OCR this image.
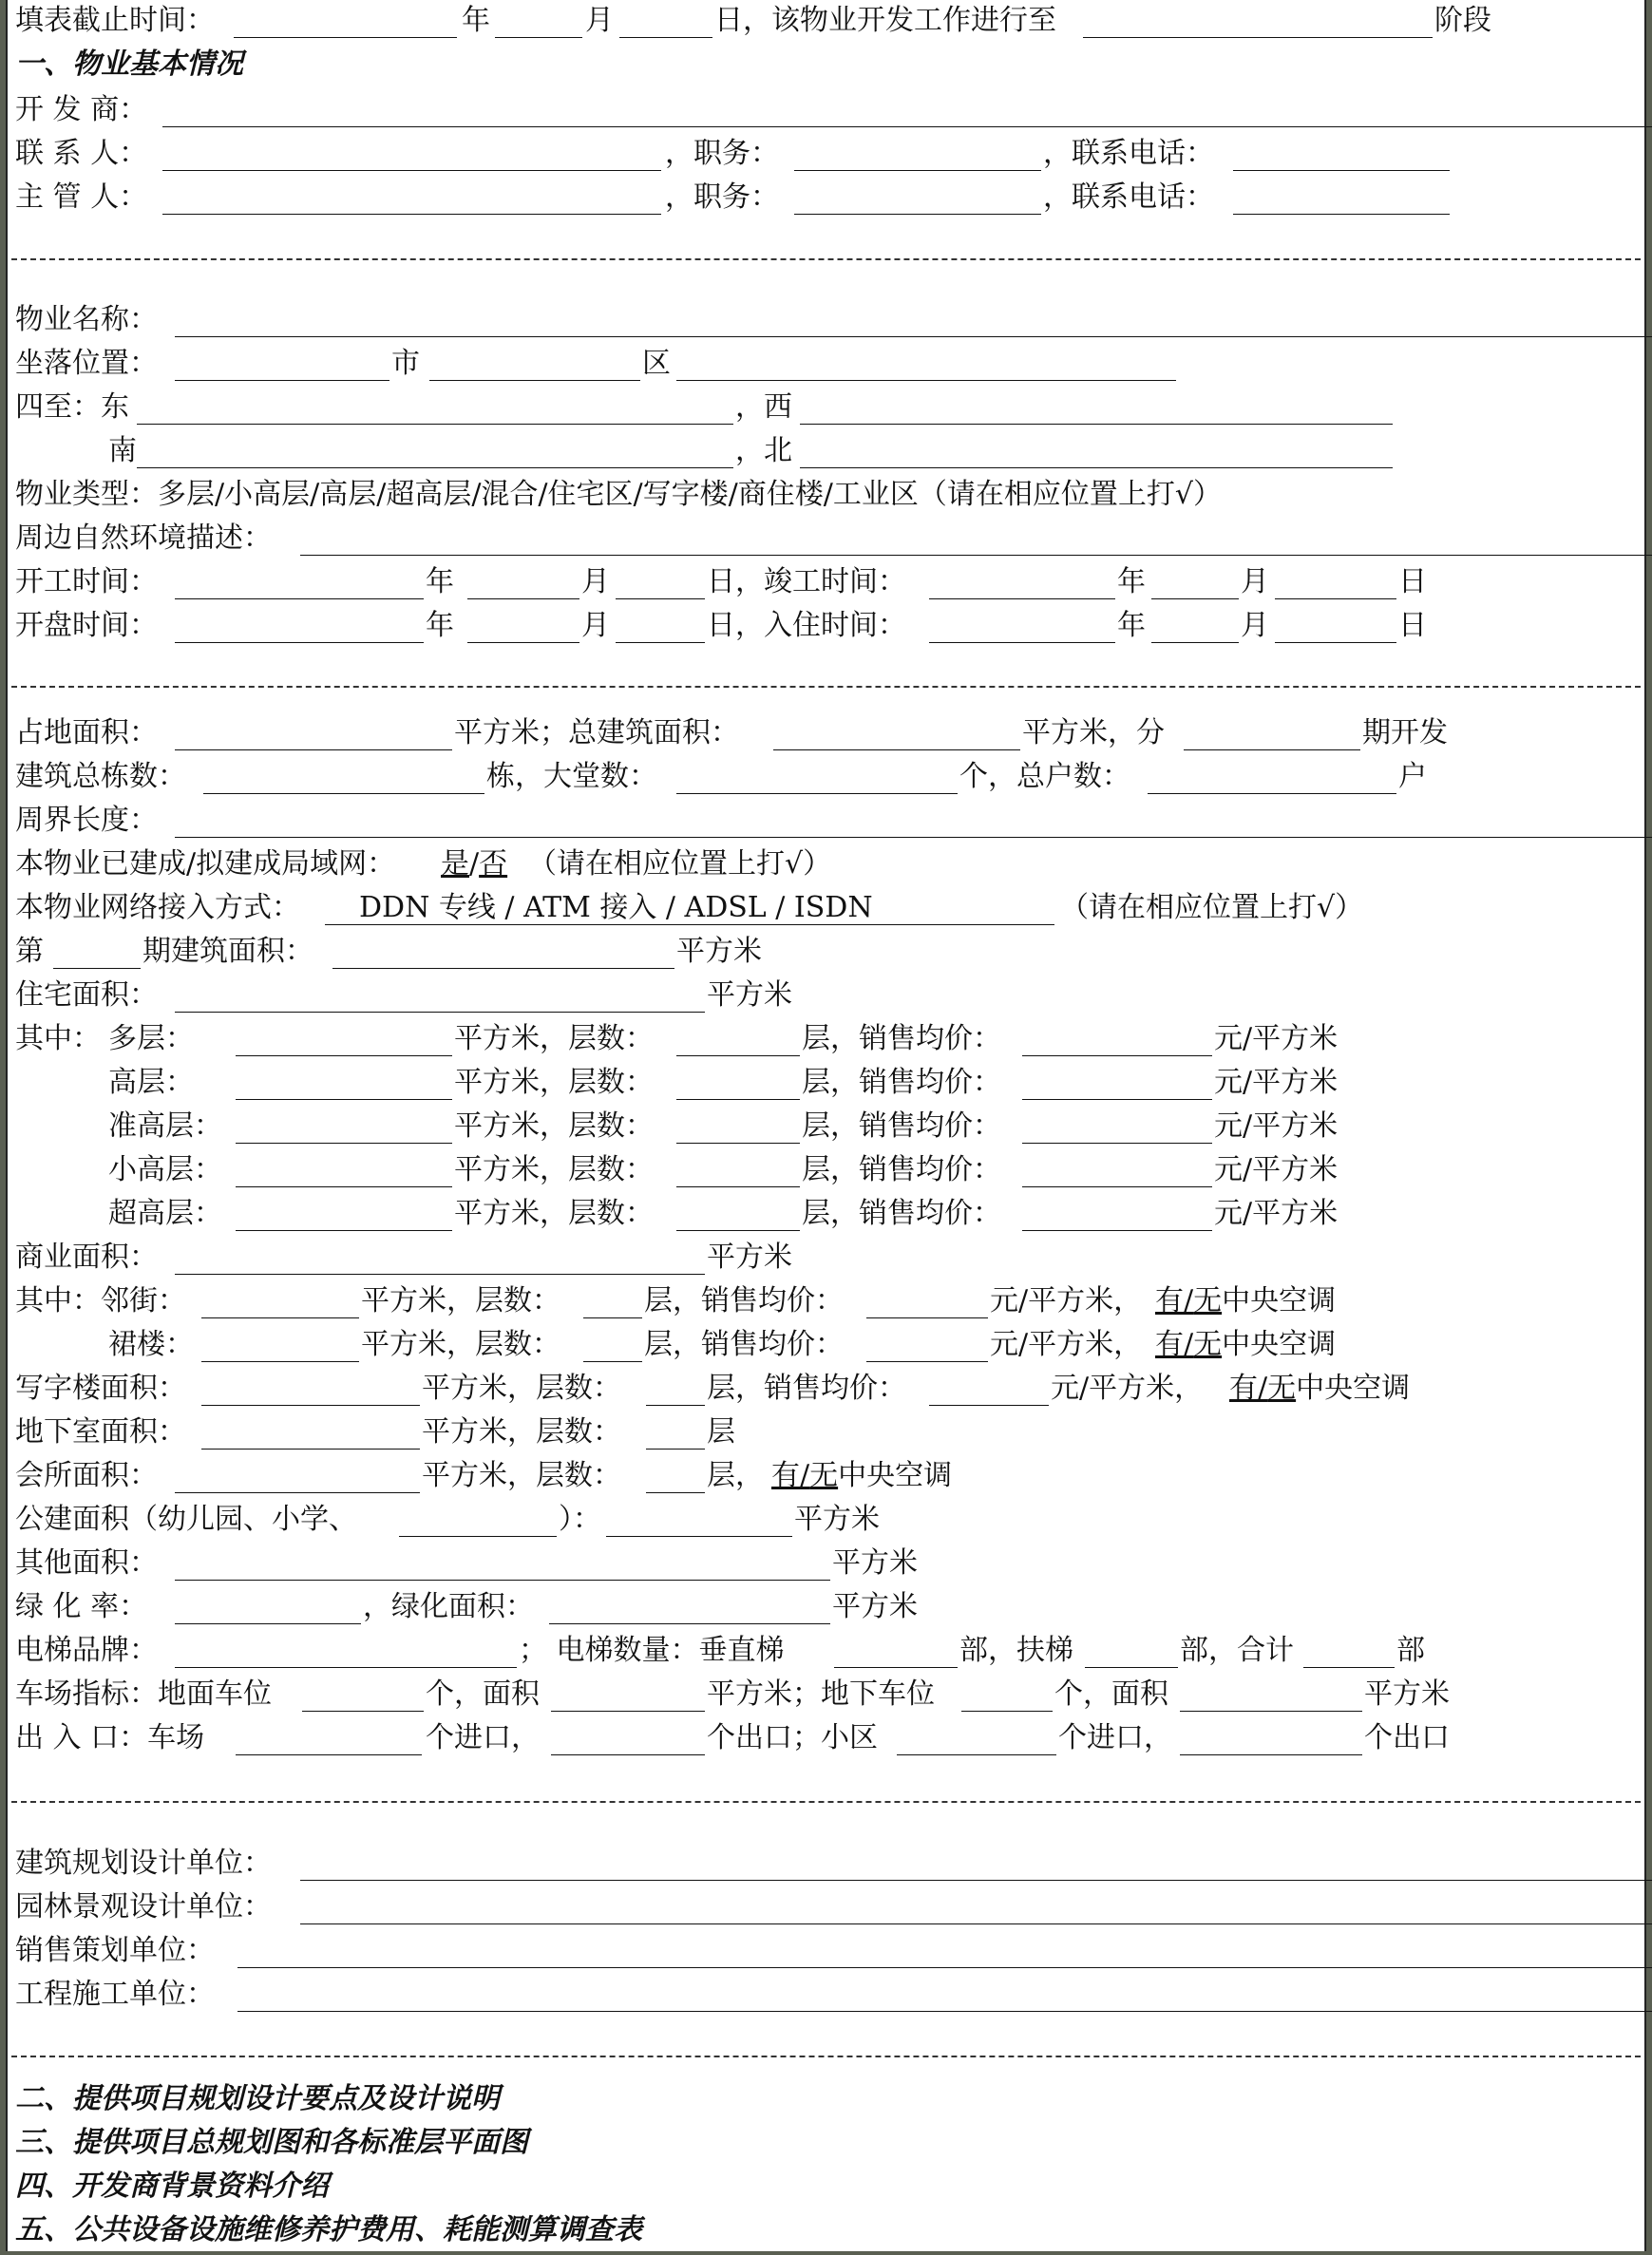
填表截止时间：	年	月	日，该物业开发工作进行至	阶段
一、物业基本情况
开 发 商：
联 系 人：	，职务：	，联系电话：
主 管 人：	，职务：	，联系电话：
物业名称：
坐落位置：	市	区
四至：东	，西
南	，北
物业类型：多层/小高层/高层/超高层/混合/住宅区/写字楼/商住楼/工业区（请在相应位置上打√）
周边自然环境描述：
开工时间：	年	月	日，竣工时间：	年	月	日
开盘时间：	年	月	日，入住时间：	年	月	日
占地面积：	平方米；总建筑面积：	平方米，分	期开发
建筑总栋数：	栋，大堂数：	个，总户数：	户
周界长度：
本物业已建成/拟建成局域网： 是/否 （请在相应位置上打√）
本物业网络接入方式： DDN 专线 / ATM 接入 / ADSL / ISDN	（请在相应位置上打√）
第	期建筑面积：	平方米
住宅面积：	平方米
其中： 多层：	平方米，层数：	层，销售均价：	元/平方米
高层：	平方米，层数：	层，销售均价：	元/平方米
准高层：	平方米，层数：	层，销售均价：	元/平方米
小高层：	平方米，层数：	层，销售均价：	元/平方米
超高层：	平方米，层数：	层，销售均价：	元/平方米
商业面积：	平方米
其中：邻街：	平方米，层数：	层，销售均价：	元/平方米， 有/无中央空调
裙楼：	平方米，层数：	层，销售均价：	元/平方米， 有/无中央空调
写字楼面积：	平方米，层数：	层，销售均价：	元/平方米， 有/无中央空调
地下室面积：	平方米，层数：	层
会所面积：	平方米，层数：	层， 有/无中央空调
公建面积（幼儿园、小学、	）：	平方米
其他面积：	平方米
绿 化 率：	，绿化面积：	平方米
电梯品牌：	； 电梯数量：垂直梯	部，扶梯	部，合计	部
车场指标：地面车位	个，面积	平方米；地下车位	个，面积	平方米
出 入 口：车场	个进口，	个出口；小区	个进口，	个出口
建筑规划设计单位：
园林景观设计单位：
销售策划单位：
工程施工单位：
二、提供项目规划设计要点及设计说明
三、提供项目总规划图和各标准层平面图
四、开发商背景资料介绍
五、公共设备设施维修养护费用、耗能测算调查表
